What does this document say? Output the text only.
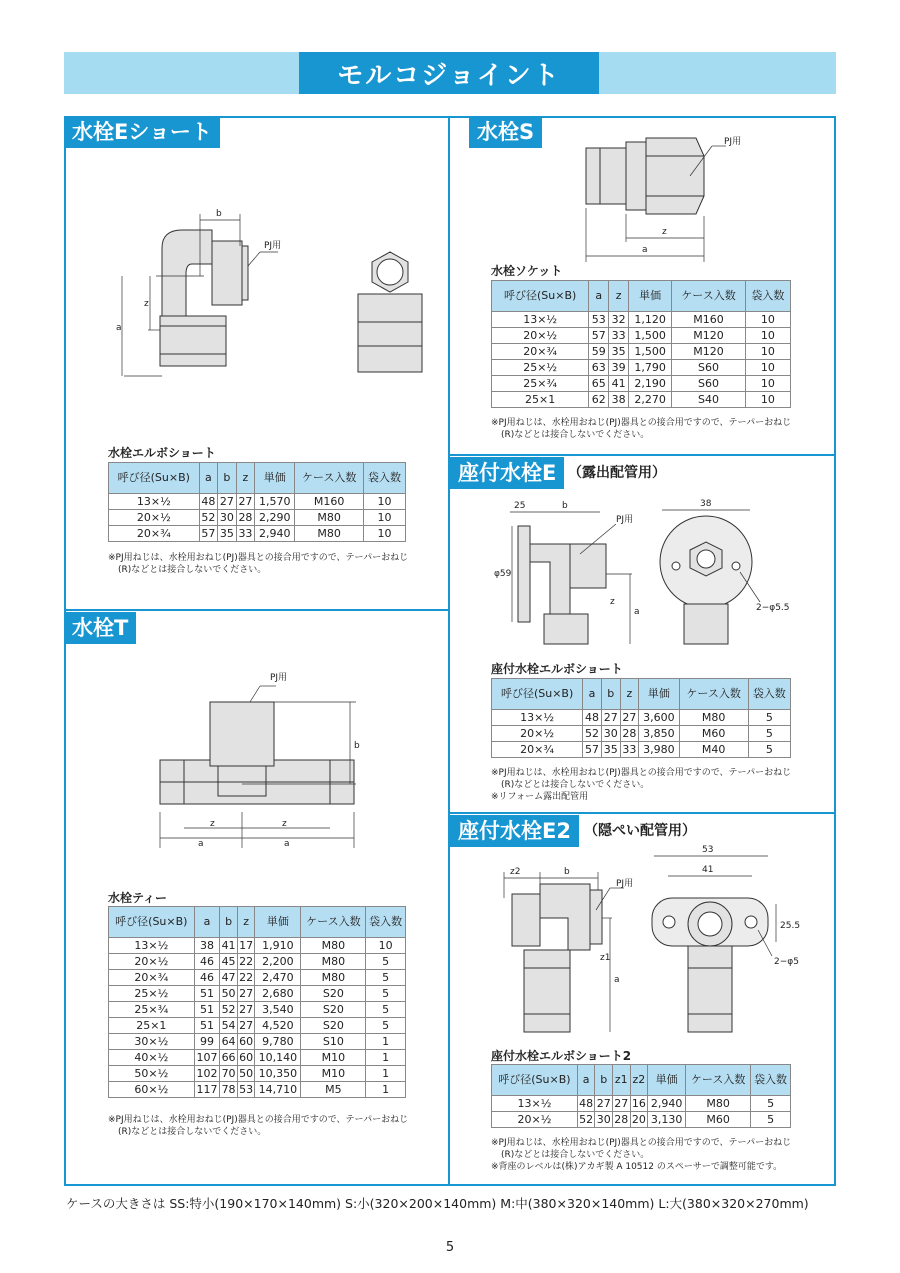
モルコジョイント
水栓Eショート
b
z
a
PJ用
水栓エルボショート
呼び径(Su×B)	a	b	z	単価	ケース入数	袋入数
13×½	48	27	27	1,570	M160	10
20×½	52	30	28	2,290	M80	10
20×¾	57	35	33	2,940	M80	10
※PJ用ねじは、水栓用おねじ(PJ)器具との接合用ですので、テーパーおねじ
(R)などとは接合しないでください。
水栓T
PJ用
b
z	z
a	a
水栓ティー
呼び径(Su×B)	a	b	z	単価	ケース入数	袋入数
13×½	38	41	17	1,910	M80	10
20×½	46	45	22	2,200	M80	5
20×¾	46	47	22	2,470	M80	5
25×½	51	50	27	2,680	S20	5
25×¾	51	52	27	3,540	S20	5
25×1	51	54	27	4,520	S20	5
30×½	99	64	60	9,780	S10	1
40×½	107	66	60	10,140	M10	1
50×½	102	70	50	10,350	M10	1
60×½	117	78	53	14,710	M5	1
※PJ用ねじは、水栓用おねじ(PJ)器具との接合用ですので、テーパーおねじ
(R)などとは接合しないでください。
水栓S	PJ用
z
a
水栓ソケット
呼び径(Su×B)	a	z	単価	ケース入数	袋入数
13×½	53	32	1,120	M160	10
20×½	57	33	1,500	M120	10
20×¾	59	35	1,500	M120	10
25×½	63	39	1,790	S60	10
25×¾	65	41	2,190	S60	10
25×1	62	38	2,270	S40	10
※PJ用ねじは、水栓用おねじ(PJ)器具との接合用ですので、テーパーおねじ
(R)などとは接合しないでください。
座付水栓E （露出配管用）
25	b
PJ用
38
φ59
z
a	2−φ5.5
座付水栓エルボショート
呼び径(Su×B)	a	b	z	単価	ケース入数	袋入数
13×½	48	27	27	3,600	M80	5
20×½	52	30	28	3,850	M60	5
20×¾	57	35	33	3,980	M40	5
※PJ用ねじは、水栓用おねじ(PJ)器具との接合用ですので、テーパーおねじ
(R)などとは接合しないでください。
※リフォーム露出配管用
座付水栓E2 （隠ぺい配管用）
z2	b
PJ用
53
41
25.5
z1
a
2−φ5
座付水栓エルボショート2
呼び径(Su×B)	a	b	z1	z2	単価	ケース入数	袋入数
13×½	48	27	27	16	2,940	M80	5
20×½	52	30	28	20	3,130	M60	5
※PJ用ねじは、水栓用おねじ(PJ)器具との接合用ですので、テーパーおねじ
(R)などとは接合しないでください。
※背座のレベルは(株)アカギ製 A 10512 のスペーサーで調整可能です。
ケースの大きさは SS:特小(190×170×140mm) S:小(320×200×140mm) M:中(380×320×140mm) L:大(380×320×270mm)
5
